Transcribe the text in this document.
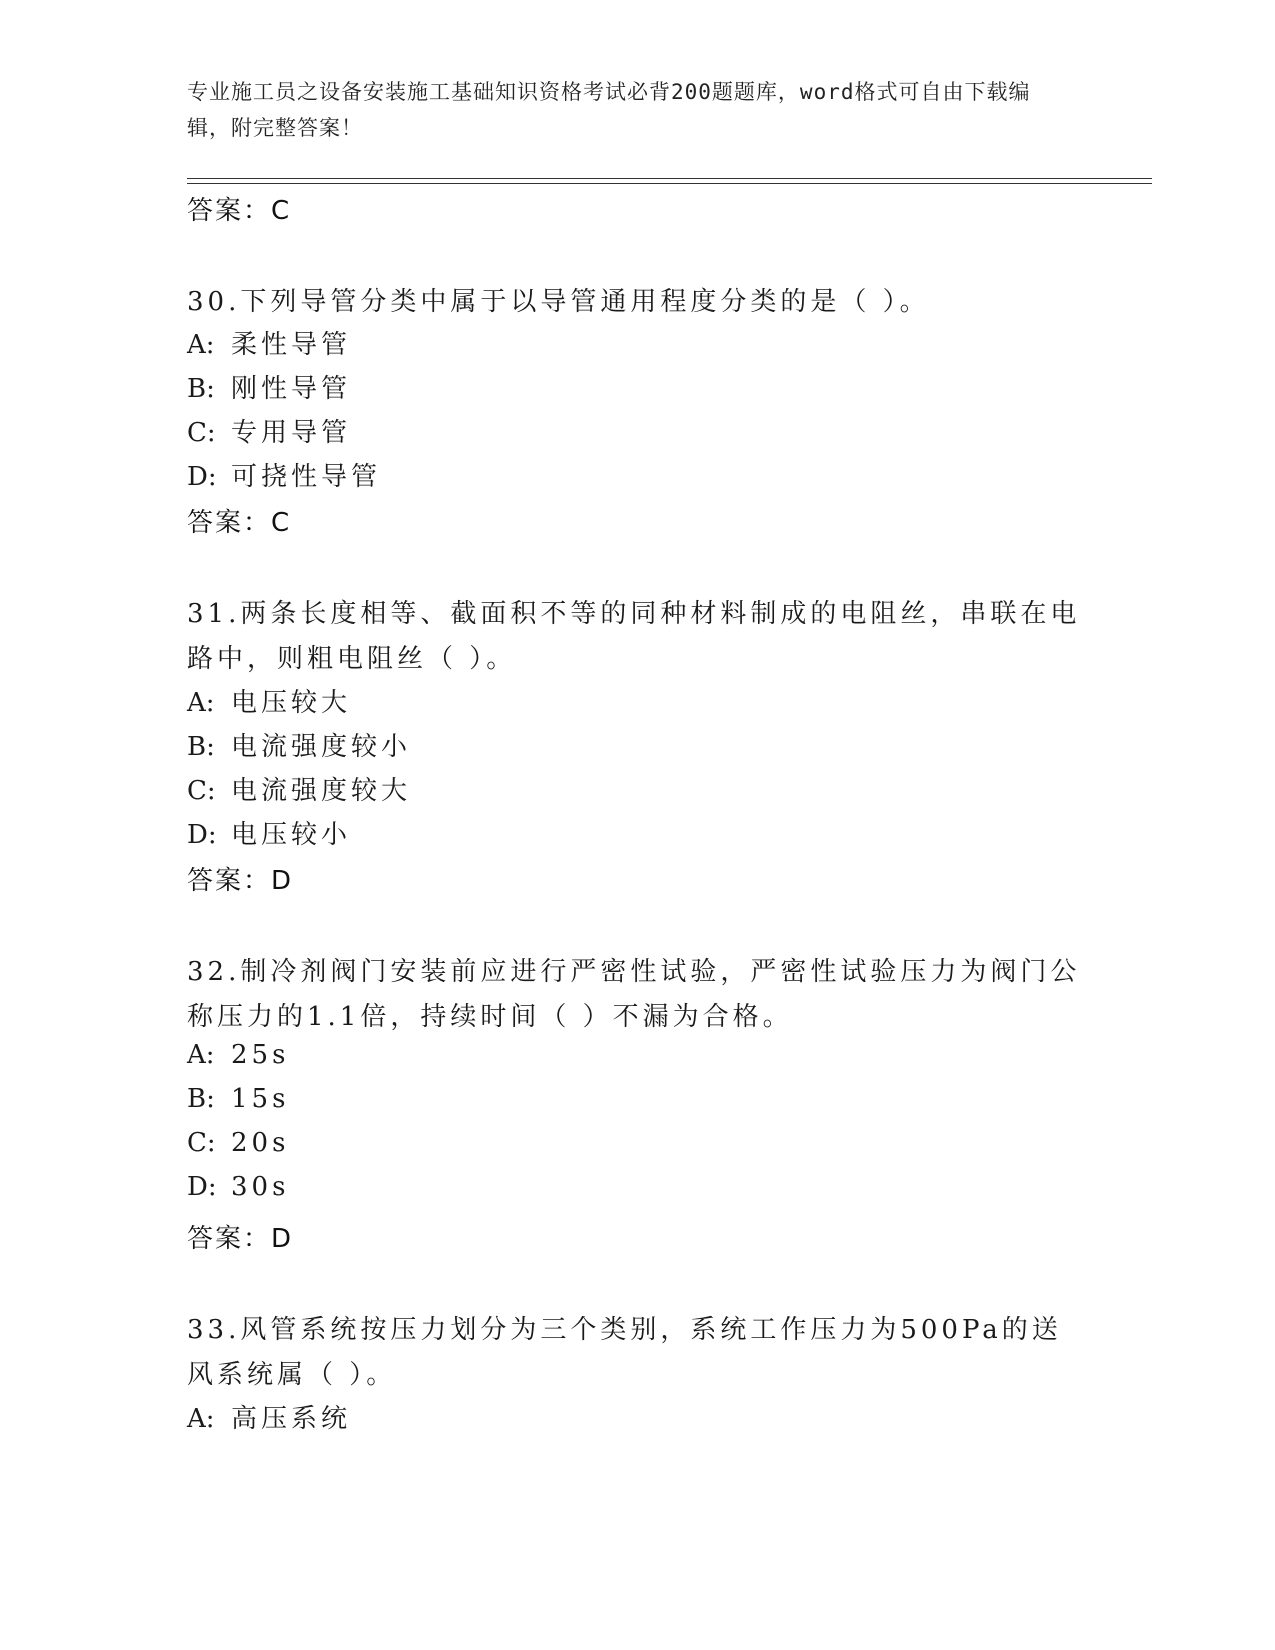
专业施工员之设备安装施工基础知识资格考试必背200题题库，word格式可自由下载编辑，附完整答案！
答案：C
30.下列导管分类中属于以导管通用程度分类的是（ ）。
A: 柔性导管
B: 刚性导管
C: 专用导管
D: 可挠性导管
答案：C
31.两条长度相等、截面积不等的同种材料制成的电阻丝，串联在电路中，则粗电阻丝（ ）。
A: 电压较大
B: 电流强度较小
C: 电流强度较大
D: 电压较小
答案：D
32.制冷剂阀门安装前应进行严密性试验，严密性试验压力为阀门公称压力的1.1倍，持续时间（ ）不漏为合格。
A: 25s
B: 15s
C: 20s
D: 30s
答案：D
33.风管系统按压力划分为三个类别，系统工作压力为500Pa的送风系统属（ ）。
A: 高压系统
